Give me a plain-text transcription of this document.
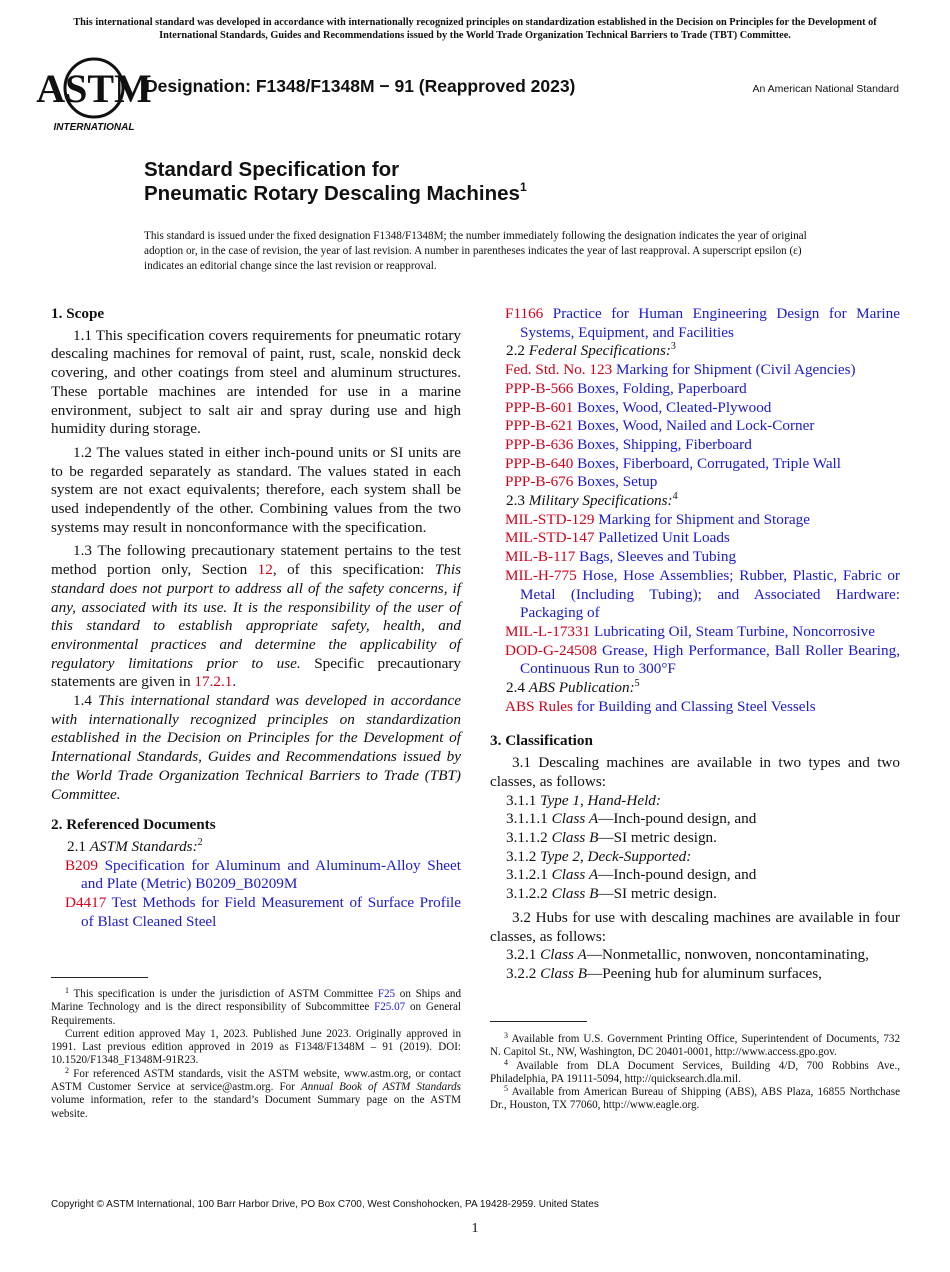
This international standard was developed in accordance with internationally recognized principles on standardization established in the Decision on Principles for the Development of International Standards, Guides and Recommendations issued by the World Trade Organization Technical Barriers to Trade (TBT) Committee.
ASTM
INTERNATIONAL
Designation: F1348/F1348M − 91 (Reapproved 2023)	An American National Standard
Standard Specification for
Pneumatic Rotary Descaling Machines$^1$
This standard is issued under the fixed designation F1348/F1348M; the number immediately following the designation indicates the year of original adoption or, in the case of revision, the year of last revision. A number in parentheses indicates the year of last reapproval. A superscript epsilon (ε) indicates an editorial change since the last revision or reapproval.

1. Scope

1.1 This specification covers requirements for pneumatic rotary descaling machines for removal of paint, rust, scale, nonskid deck covering, and other coatings from steel and aluminum structures. These portable machines are intended for use in a marine environment, subject to salt air and spray during use and high humidity during storage.

1.2 The values stated in either inch-pound units or SI units are to be regarded separately as standard. The values stated in each system are not exact equivalents; therefore, each system shall be used independently of the other. Combining values from the two systems may result in nonconformance with the specification.

1.3 The following precautionary statement pertains to the test method portion only, Section 12, of this specification: This standard does not purport to address all of the safety concerns, if any, associated with its use. It is the responsibility of the user of this standard to establish appropriate safety, health, and environmental practices and determine the applicability of regulatory limitations prior to use. Specific precautionary statements are given in 17.2.1.

1.4 This international standard was developed in accordance with internationally recognized principles on standardization established in the Decision on Principles for the Development of International Standards, Guides and Recommendations issued by the World Trade Organization Technical Barriers to Trade (TBT) Committee.

2. Referenced Documents

2.1 ASTM Standards:$^2$

B209 Specification for Aluminum and Aluminum-Alloy Sheet and Plate (Metric) B0209_B0209M

D4417 Test Methods for Field Measurement of Surface Profile of Blast Cleaned Steel

$^1$ This specification is under the jurisdiction of ASTM Committee F25 on Ships and Marine Technology and is the direct responsibility of Subcommittee F25.07 on General Requirements.

Current edition approved May 1, 2023. Published June 2023. Originally approved in 1991. Last previous edition approved in 2019 as F1348/F1348M – 91 (2019). DOI: 10.1520/F1348_F1348M-91R23.

$^2$ For referenced ASTM standards, visit the ASTM website, www.astm.org, or contact ASTM Customer Service at service@astm.org. For Annual Book of ASTM Standards volume information, refer to the standard’s Document Summary page on the ASTM website.

F1166 Practice for Human Engineering Design for Marine Systems, Equipment, and Facilities

2.2 Federal Specifications:$^3$

Fed. Std. No. 123 Marking for Shipment (Civil Agencies)

PPP-B-566 Boxes, Folding, Paperboard

PPP-B-601 Boxes, Wood, Cleated-Plywood

PPP-B-621 Boxes, Wood, Nailed and Lock-Corner

PPP-B-636 Boxes, Shipping, Fiberboard

PPP-B-640 Boxes, Fiberboard, Corrugated, Triple Wall

PPP-B-676 Boxes, Setup

2.3 Military Specifications:$^4$

MIL-STD-129 Marking for Shipment and Storage

MIL-STD-147 Palletized Unit Loads

MIL-B-117 Bags, Sleeves and Tubing

MIL-H-775 Hose, Hose Assemblies; Rubber, Plastic, Fabric or Metal (Including Tubing); and Associated Hardware: Packaging of

MIL-L-17331 Lubricating Oil, Steam Turbine, Noncorrosive

DOD-G-24508 Grease, High Performance, Ball Roller Bearing, Continuous Run to 300°F

2.4 ABS Publication:$^5$

ABS Rules for Building and Classing Steel Vessels

3. Classification

3.1 Descaling machines are available in two types and two classes, as follows:

3.1.1 Type 1, Hand-Held:

3.1.1.1 Class A—Inch-pound design, and

3.1.1.2 Class B—SI metric design.

3.1.2 Type 2, Deck-Supported:

3.1.2.1 Class A—Inch-pound design, and

3.1.2.2 Class B—SI metric design.

3.2 Hubs for use with descaling machines are available in four classes, as follows:

3.2.1 Class A—Nonmetallic, nonwoven, noncontaminating,

3.2.2 Class B—Peening hub for aluminum surfaces,

$^3$ Available from U.S. Government Printing Office, Superintendent of Documents, 732 N. Capitol St., NW, Washington, DC 20401-0001, http://www.access.gpo.gov.

$^4$ Available from DLA Document Services, Building 4/D, 700 Robbins Ave., Philadelphia, PA 19111-5094, http://quicksearch.dla.mil.

$^5$ Available from American Bureau of Shipping (ABS), ABS Plaza, 16855 Northchase Dr., Houston, TX 77060, http://www.eagle.org.

Copyright © ASTM International, 100 Barr Harbor Drive, PO Box C700, West Conshohocken, PA 19428-2959. United States
1
